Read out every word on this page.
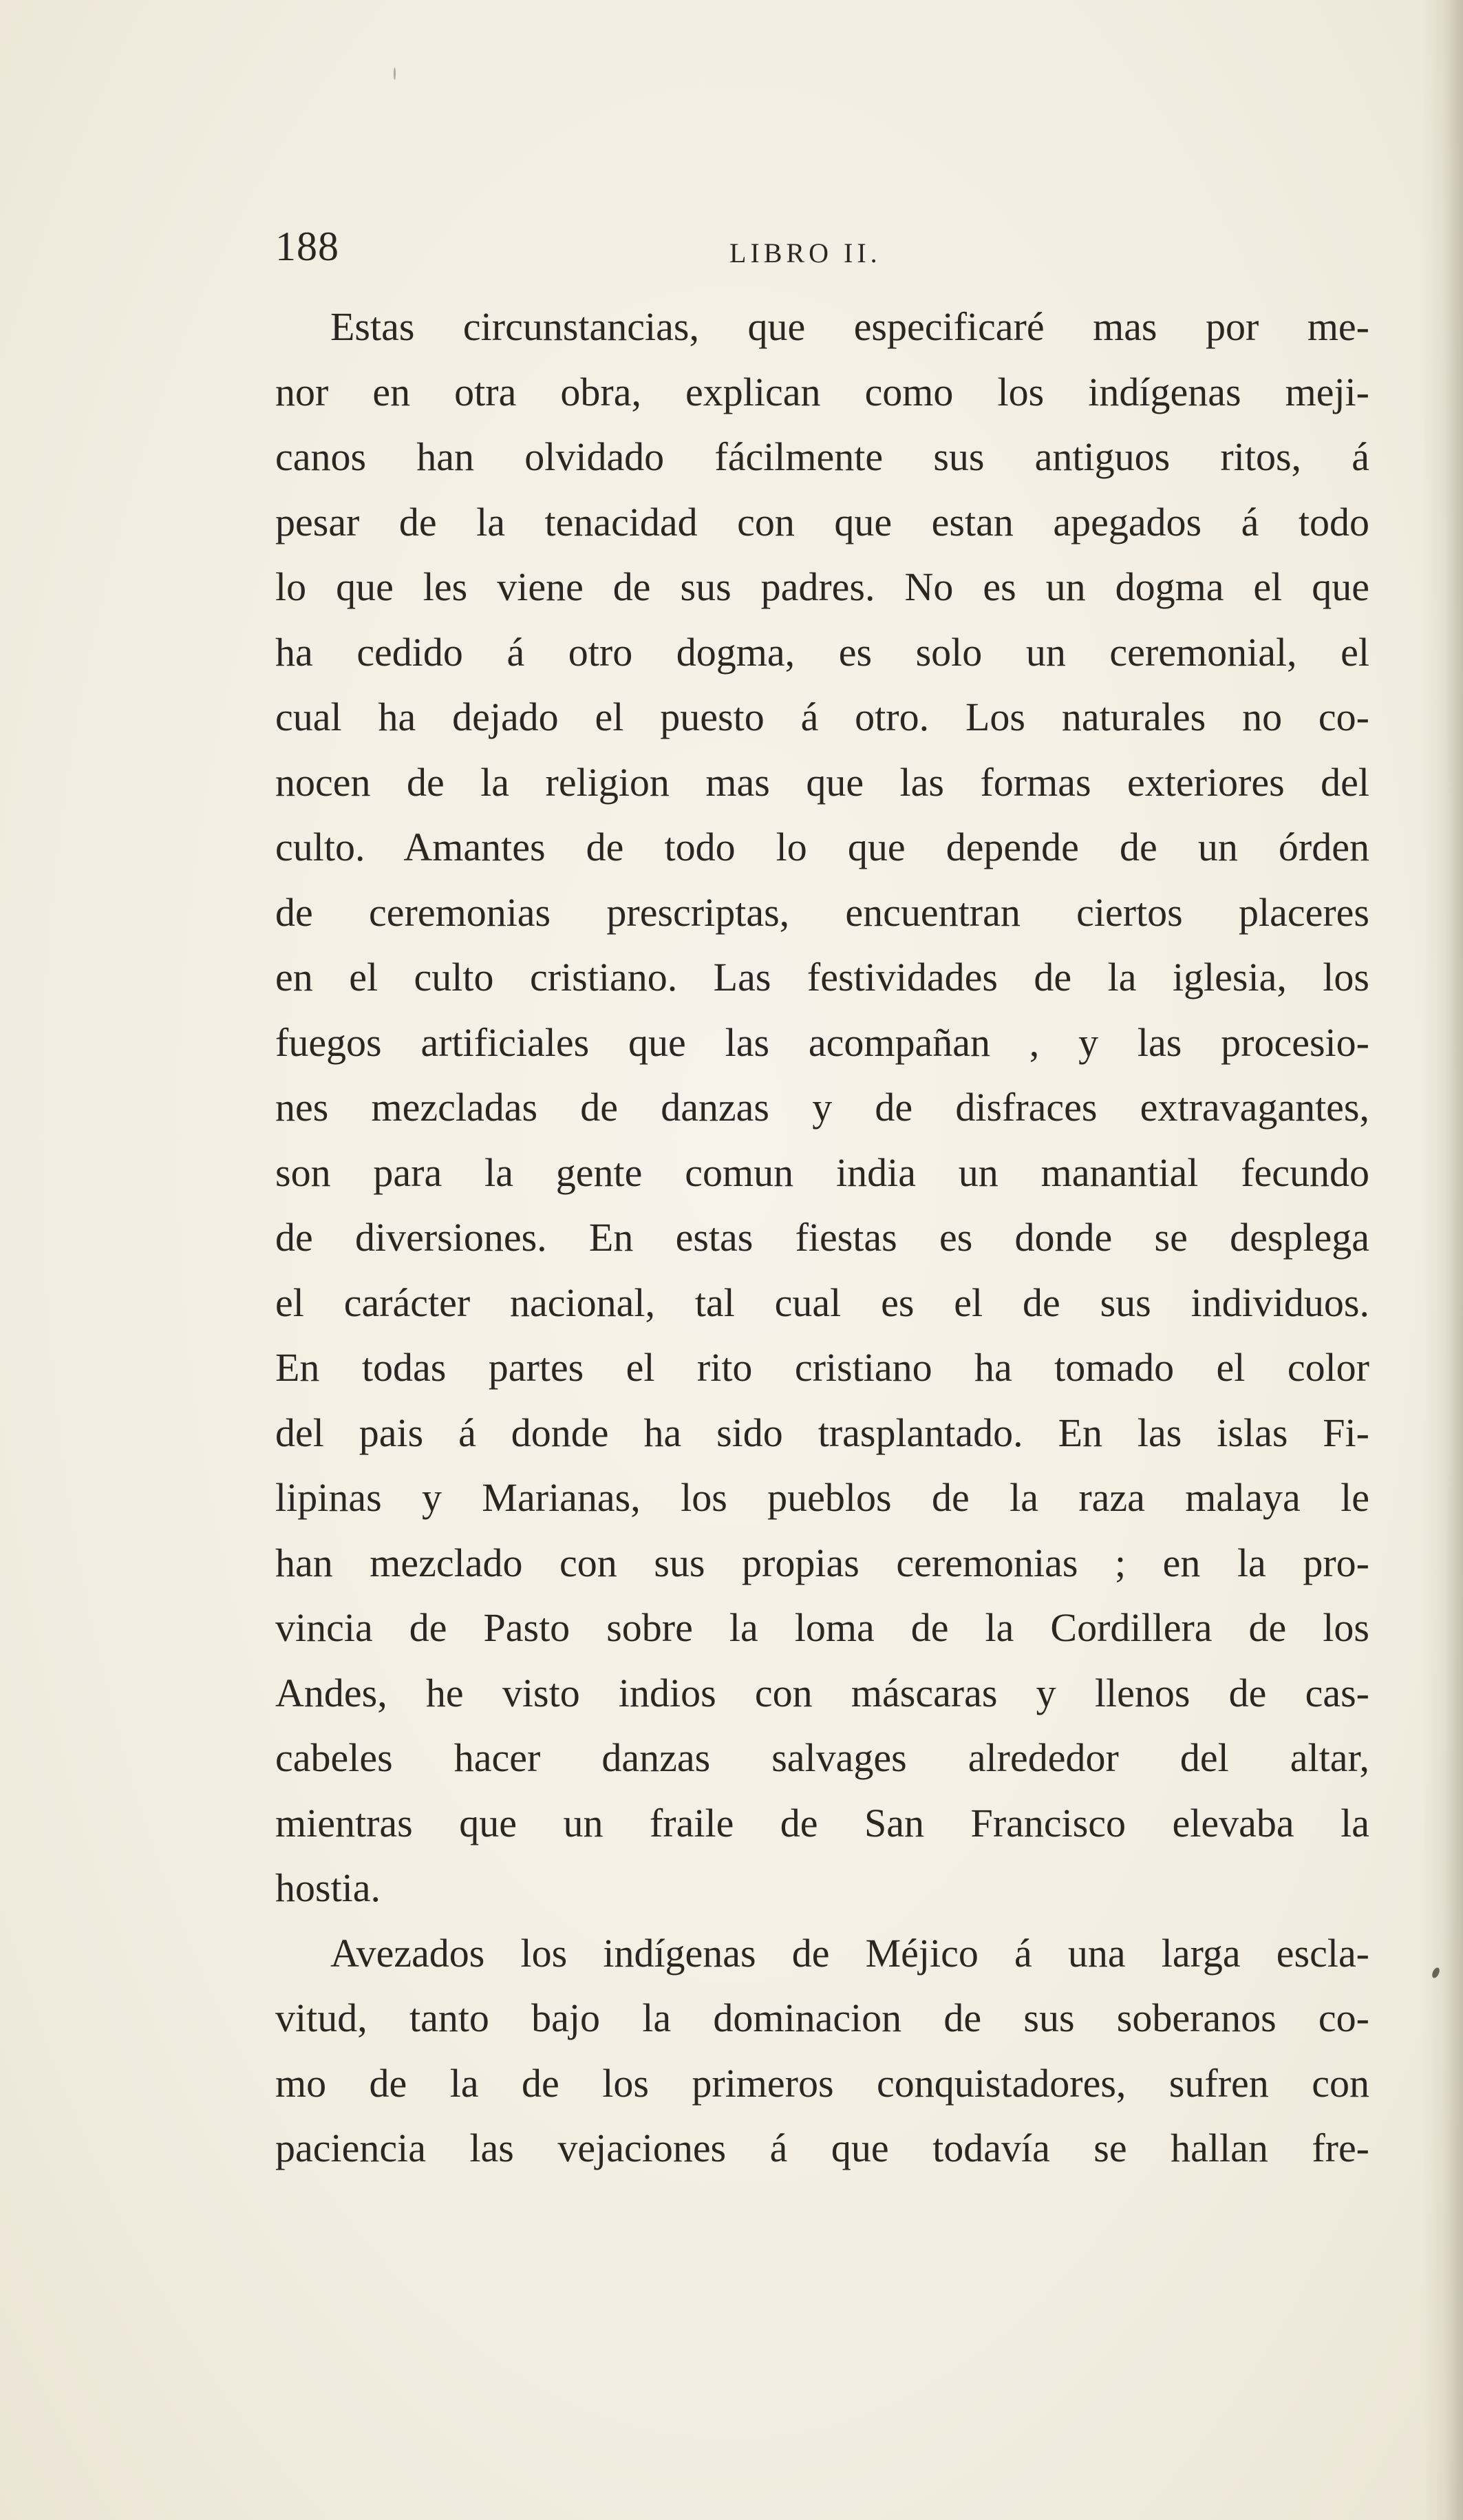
188	LIBRO II.
Estas circunstancias, que especificaré mas por me-
nor en otra obra, explican como los indígenas meji-
canos han olvidado fácilmente sus antiguos ritos, á
pesar de la tenacidad con que estan apegados á todo
lo que les viene de sus padres. No es un dogma el que
ha cedido á otro dogma, es solo un ceremonial, el
cual ha dejado el puesto á otro. Los naturales no co-
nocen de la religion mas que las formas exteriores del
culto. Amantes de todo lo que depende de un órden
de ceremonias prescriptas, encuentran ciertos placeres
en el culto cristiano. Las festividades de la iglesia, los
fuegos artificiales que las acompañan , y las procesio-
nes mezcladas de danzas y de disfraces extravagantes,
son para la gente comun india un manantial fecundo
de diversiones. En estas fiestas es donde se desplega
el carácter nacional, tal cual es el de sus individuos.
En todas partes el rito cristiano ha tomado el color
del pais á donde ha sido trasplantado. En las islas Fi-
lipinas y Marianas, los pueblos de la raza malaya le
han mezclado con sus propias ceremonias ; en la pro-
vincia de Pasto sobre la loma de la Cordillera de los
Andes, he visto indios con máscaras y llenos de cas-
cabeles hacer danzas salvages alrededor del altar,
mientras que un fraile de San Francisco elevaba la
hostia.
Avezados los indígenas de Méjico á una larga escla-
vitud, tanto bajo la dominacion de sus soberanos co-
mo de la de los primeros conquistadores, sufren con
paciencia las vejaciones á que todavía se hallan fre-
